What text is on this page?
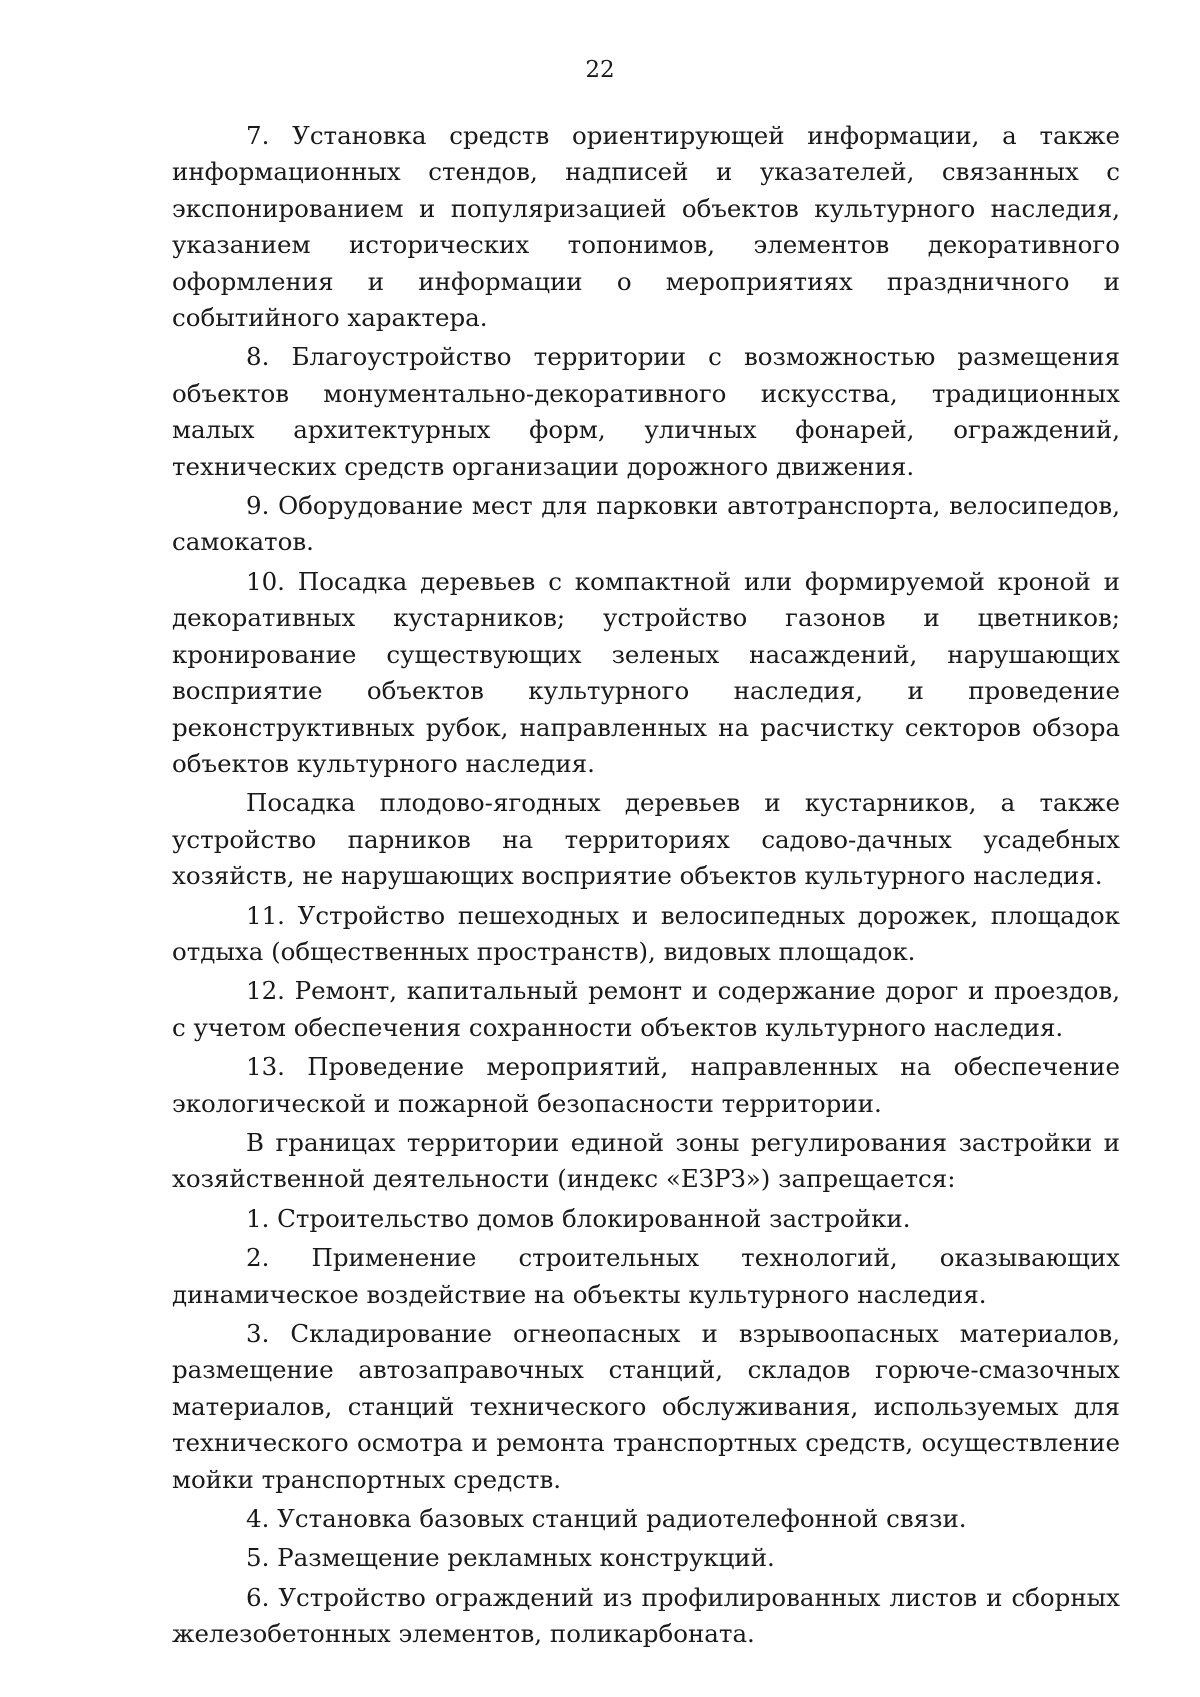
22

7. Установка средств ориентирующей информации, а также информационных стендов, надписей и указателей, связанных с экспонированием и популяризацией объектов культурного наследия, указанием исторических топонимов, элементов декоративного оформления и информации о мероприятиях праздничного и событийного характера.

8. Благоустройство территории с возможностью размещения объектов монументально-декоративного искусства, традиционных малых архитектурных форм, уличных фонарей, ограждений, технических средств организации дорожного движения.

9. Оборудование мест для парковки автотранспорта, велосипедов, самокатов.

10. Посадка деревьев с компактной или формируемой кроной и декоративных кустарников; устройство газонов и цветников; кронирование существующих зеленых насаждений, нарушающих восприятие объектов культурного наследия, и проведение реконструктивных рубок, направленных на расчистку секторов обзора объектов культурного наследия.

Посадка плодово-ягодных деревьев и кустарников, а также устройство парников на территориях садово-дачных усадебных хозяйств, не нарушающих восприятие объектов культурного наследия.

11. Устройство пешеходных и велосипедных дорожек, площадок отдыха (общественных пространств), видовых площадок.

12. Ремонт, капитальный ремонт и содержание дорог и проездов, с учетом обеспечения сохранности объектов культурного наследия.

13. Проведение мероприятий, направленных на обеспечение экологической и пожарной безопасности территории.

В границах территории единой зоны регулирования застройки и хозяйственной деятельности (индекс «ЕЗРЗ») запрещается:

1. Строительство домов блокированной застройки.

2. Применение строительных технологий, оказывающих динамическое воздействие на объекты культурного наследия.

3. Складирование огнеопасных и взрывоопасных материалов, размещение автозаправочных станций, складов горюче-смазочных материалов, станций технического обслуживания, используемых для технического осмотра и ремонта транспортных средств, осуществление мойки транспортных средств.

4. Установка базовых станций радиотелефонной связи.

5. Размещение рекламных конструкций.

6. Устройство ограждений из профилированных листов и сборных железобетонных элементов, поликарбоната.
